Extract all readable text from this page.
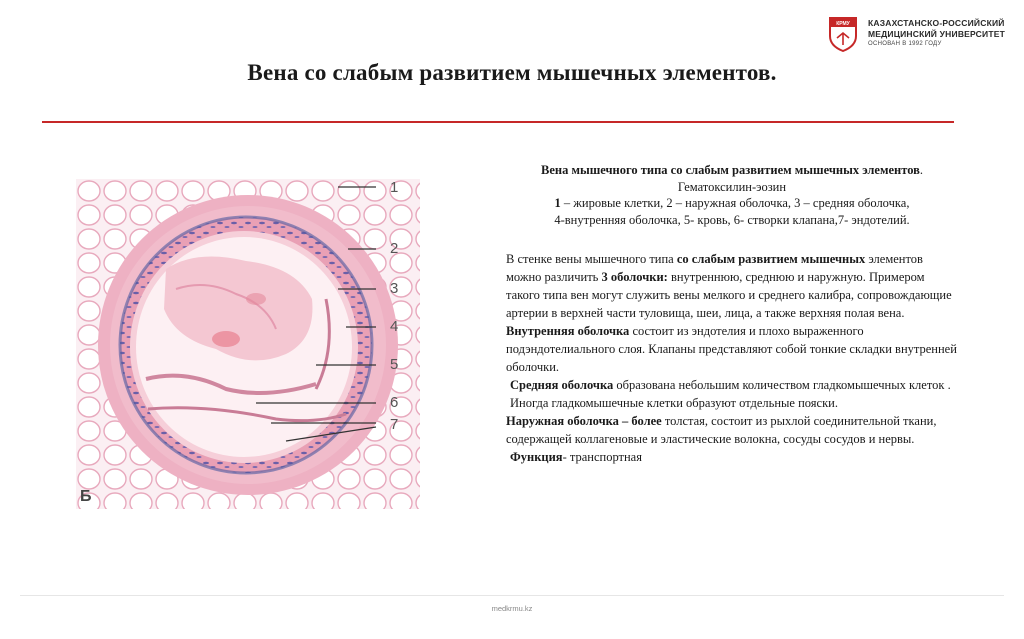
КРМУ КАЗАХСТАНСКО-РОССИЙСКИЙ
МЕДИЦИНСКИЙ УНИВЕРСИТЕТ
ОСНОВАН В 1992 ГОДУ
Вена со слабым развитием мышечных элементов.
1
2
3
4
5
6
7
Б
Вена мышечного типа со слабым развитием мышечных элементов. Гематоксилин-эозин
1 – жировые клетки, 2 – наружная оболочка, 3 – средняя оболочка,
4-внутренняя оболочка, 5- кровь, 6- створки клапана,7- эндотелий.

В стенке вены мышечного типа со слабым развитием мышечных элементов можно различить 3 оболочки: внутреннюю, среднюю и наружную. Примером такого типа вен могут служить вены мелкого и среднего калибра, сопровождающие артерии в верхней части туловища, шеи, лица, а также верхняя полая вена.

Внутренняя оболочка состоит из эндотелия и плохо выраженного подэндотелиального слоя. Клапаны представляют собой тонкие складки внутренней оболочки.

Средняя оболочка образована небольшим количеством гладкомышечных клеток . Иногда гладкомышечные клетки образуют отдельные пояски.

Наружная оболочка – более толстая, состоит из рыхлой соединительной ткани, содержащей коллагеновые и эластические волокна, сосуды сосудов и нервы.

Функция- транспортная

medkrmu.kz
